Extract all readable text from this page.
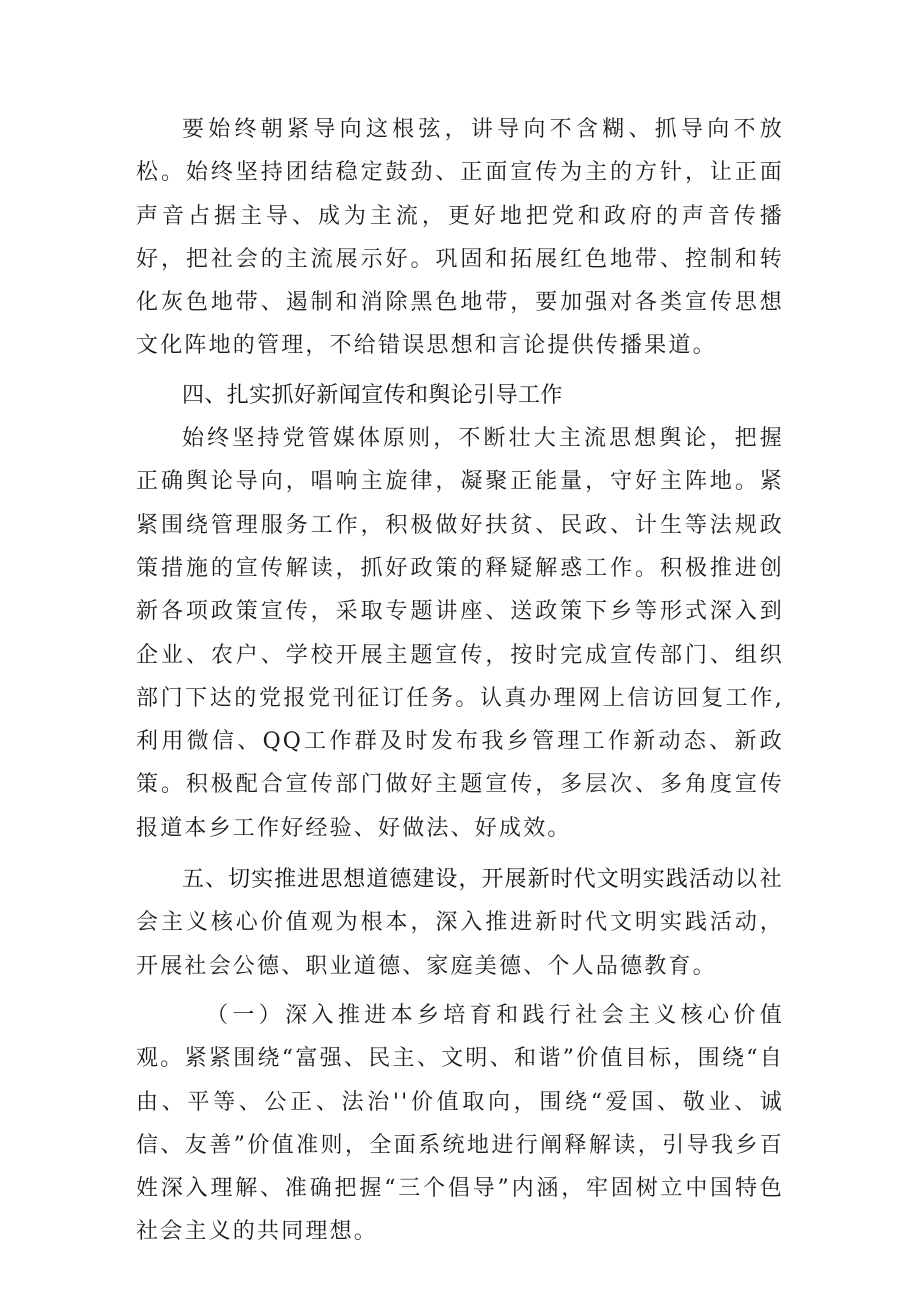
要始终朝紧导向这根弦，讲导向不含糊、抓导向不放松。始终坚持团结稳定鼓劲、正面宣传为主的方针，让正面声音占据主导、成为主流，更好地把党和政府的声音传播好，把社会的主流展示好。巩固和拓展红色地带、控制和转化灰色地带、遏制和消除黑色地带，要加强对各类宣传思想文化阵地的管理，不给错误思想和言论提供传播果道。

四、扎实抓好新闻宣传和舆论引导工作

始终坚持党管媒体原则，不断壮大主流思想舆论，把握正确舆论导向，唱响主旋律，凝聚正能量，守好主阵地。紧紧围绕管理服务工作，积极做好扶贫、民政、计生等法规政策措施的宣传解读，抓好政策的释疑解惑工作。积极推进创新各项政策宣传，采取专题讲座、送政策下乡等形式深入到企业、农户、学校开展主题宣传，按时完成宣传部门、组织部门下达的党报党刊征订任务。认真办理网上信访回复工作,利用微信、QQ工作群及时发布我乡管理工作新动态、新政策。积极配合宣传部门做好主题宣传，多层次、多角度宣传报道本乡工作好经验、好做法、好成效。

五、切实推进思想道德建设，开展新时代文明实践活动以社会主义核心价值观为根本，深入推进新时代文明实践活动，开展社会公德、职业道德、家庭美德、个人品德教育。

（一）深入推进本乡培育和践行社会主义核心价值观。紧紧围绕“富强、民主、文明、和谐”价值目标，围绕“自由、平等、公正、法治''价值取向，围绕“爱国、敬业、诚信、友善”价值准则，全面系统地进行阐释解读，引导我乡百姓深入理解、准确把握“三个倡导”内涵，牢固树立中国特色社会主义的共同理想。
